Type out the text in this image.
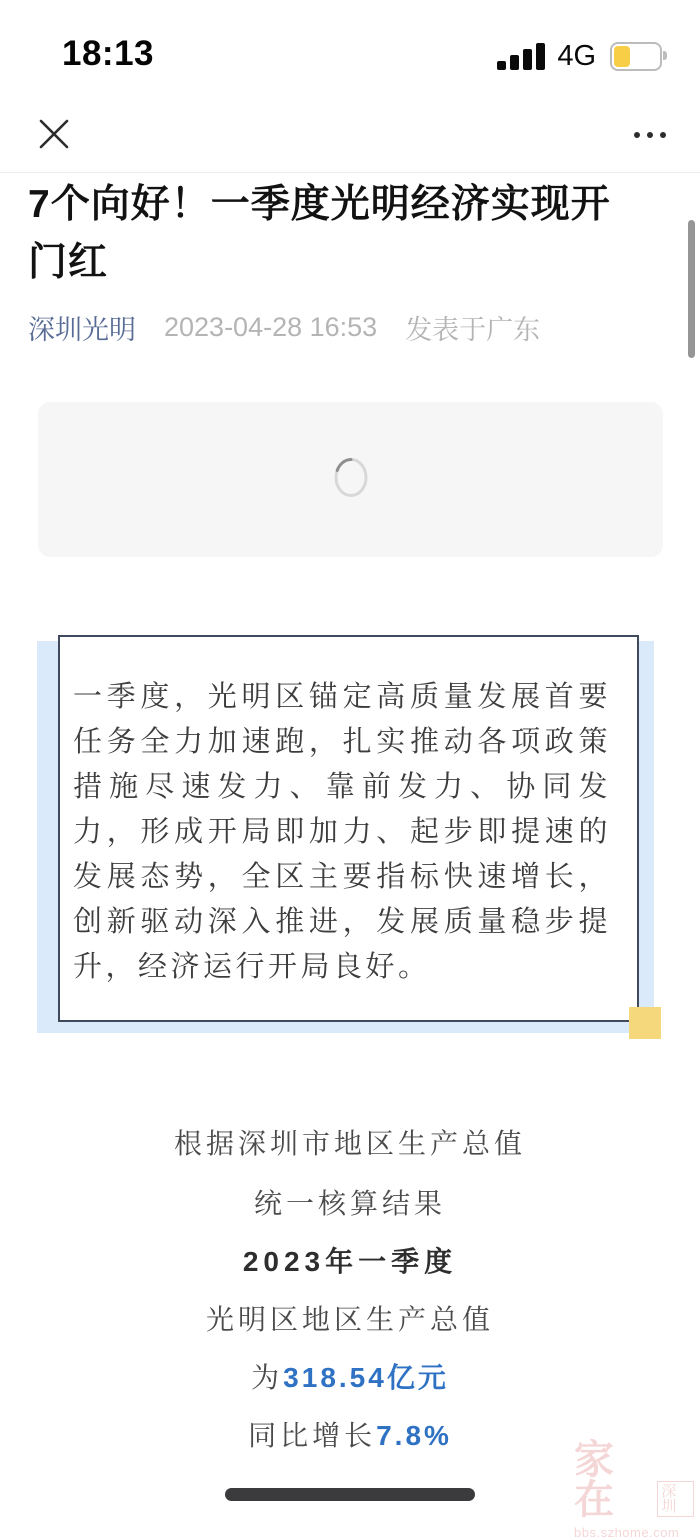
18:13	4G
7个向好！一季度光明经济实现开门红
深圳光明 2023-04-28 16:53 发表于广东
一季度，光明区锚定高质量发展首要任务全力加速跑，扎实推动各项政策措施尽速发力、靠前发力、协同发力，形成开局即加力、起步即提速的发展态势，全区主要指标快速增长，创新驱动深入推进，发展质量稳步提升，经济运行开局良好。
根据深圳市地区生产总值
统一核算结果
2023年一季度
光明区地区生产总值
为318.54亿元
同比增长7.8%
家在	深圳
bbs.szhome.com
